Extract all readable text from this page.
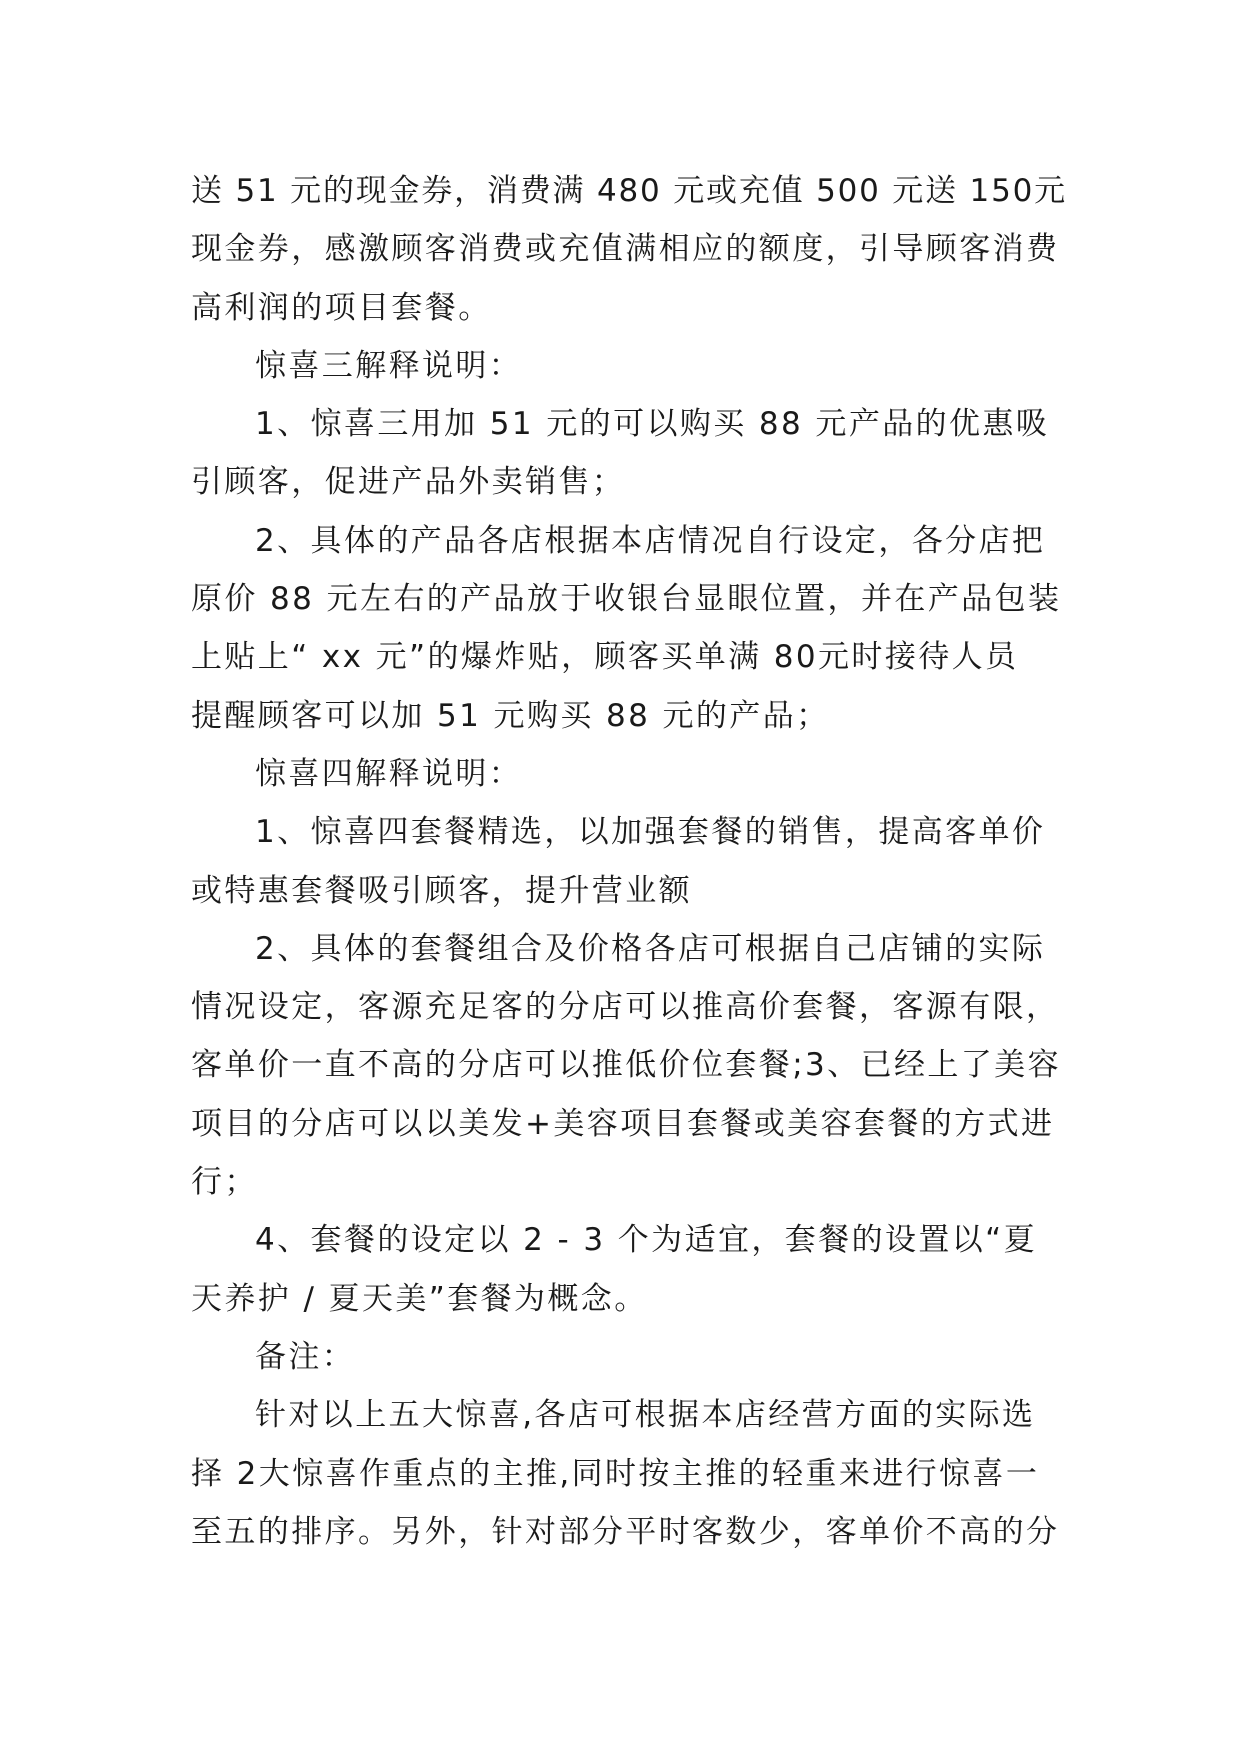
送 51 元的现金券，消费满 480 元或充值 500 元送 150元
现金券，感激顾客消费或充值满相应的额度，引导顾客消费
高利润的项目套餐。
惊喜三解释说明：
1、惊喜三用加 51 元的可以购买 88 元产品的优惠吸
引顾客，促进产品外卖销售；
2、具体的产品各店根据本店情况自行设定，各分店把
原价 88 元左右的产品放于收银台显眼位置，并在产品包装
上贴上“ xx 元”的爆炸贴，顾客买单满 80元时接待人员
提醒顾客可以加 51 元购买 88 元的产品；
惊喜四解释说明：
1、惊喜四套餐精选，以加强套餐的销售，提高客单价
或特惠套餐吸引顾客，提升营业额
2、具体的套餐组合及价格各店可根据自己店铺的实际
情况设定，客源充足客的分店可以推高价套餐，客源有限，
客单价一直不高的分店可以推低价位套餐;3、已经上了美容
项目的分店可以以美发+美容项目套餐或美容套餐的方式进
行；
4、套餐的设定以 2 - 3 个为适宜，套餐的设置以“夏
天养护 / 夏天美”套餐为概念。
备注：
针对以上五大惊喜,各店可根据本店经营方面的实际选
择 2大惊喜作重点的主推,同时按主推的轻重来进行惊喜一
至五的排序。另外，针对部分平时客数少，客单价不高的分
